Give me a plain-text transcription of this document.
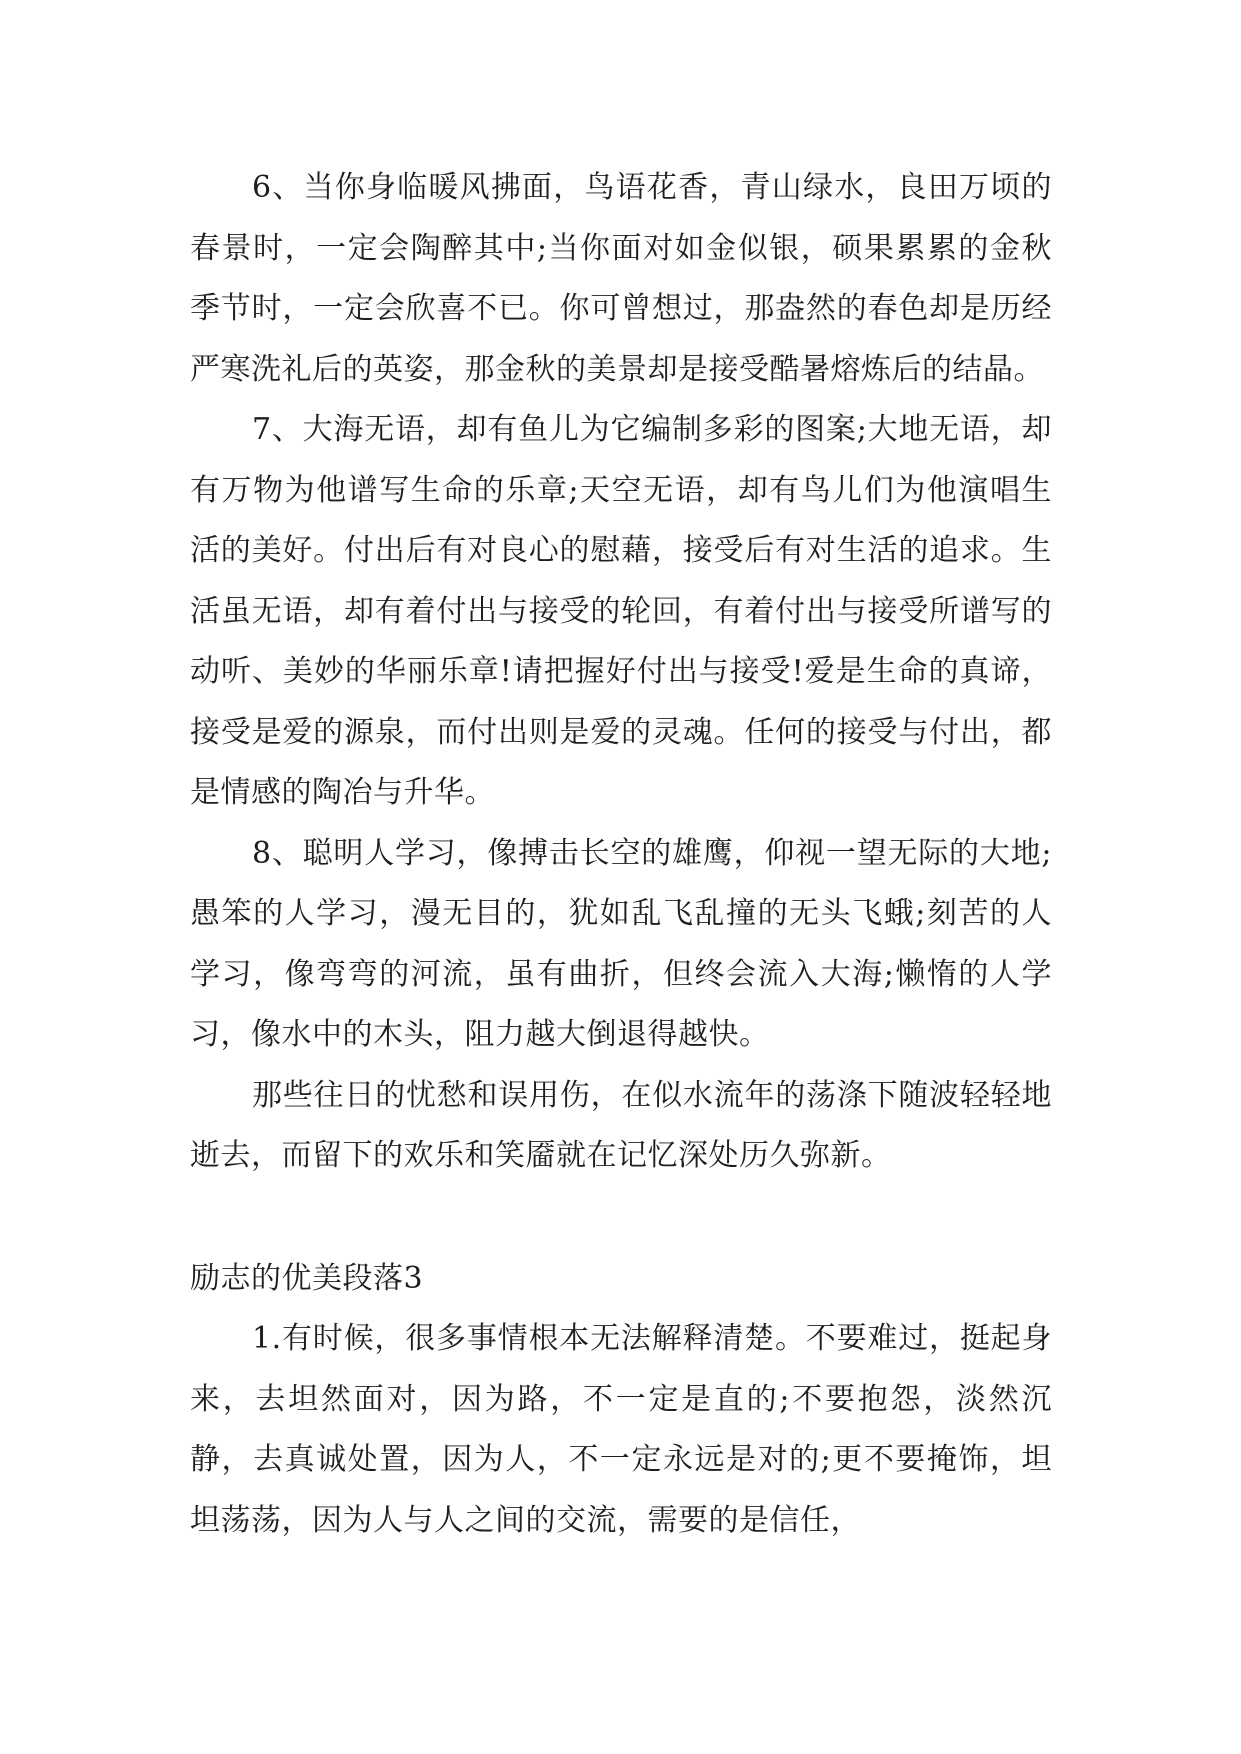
6、当你身临暖风拂面，鸟语花香，青山绿水，良田万顷的春景时，一定会陶醉其中;当你面对如金似银，硕果累累的金秋季节时，一定会欣喜不已。你可曾想过，那盎然的春色却是历经严寒洗礼后的英姿，那金秋的美景却是接受酷暑熔炼后的结晶。

7、大海无语，却有鱼儿为它编制多彩的图案;大地无语，却有万物为他谱写生命的乐章;天空无语，却有鸟儿们为他演唱生活的美好。付出后有对良心的慰藉，接受后有对生活的追求。生活虽无语，却有着付出与接受的轮回，有着付出与接受所谱写的动听、美妙的华丽乐章!请把握好付出与接受!爱是生命的真谛，接受是爱的源泉，而付出则是爱的灵魂。任何的接受与付出，都是情感的陶冶与升华。

8、聪明人学习，像搏击长空的雄鹰，仰视一望无际的大地;愚笨的人学习，漫无目的，犹如乱飞乱撞的无头飞蛾;刻苦的人学习，像弯弯的河流，虽有曲折，但终会流入大海;懒惰的人学习，像水中的木头，阻力越大倒退得越快。

那些往日的忧愁和误用伤，在似水流年的荡涤下随波轻轻地逝去，而留下的欢乐和笑靥就在记忆深处历久弥新。

励志的优美段落3

1.有时候，很多事情根本无法解释清楚。不要难过，挺起身来，去坦然面对，因为路，不一定是直的;不要抱怨，淡然沉静，去真诚处置，因为人，不一定永远是对的;更不要掩饰，坦坦荡荡，因为人与人之间的交流，需要的是信任，
